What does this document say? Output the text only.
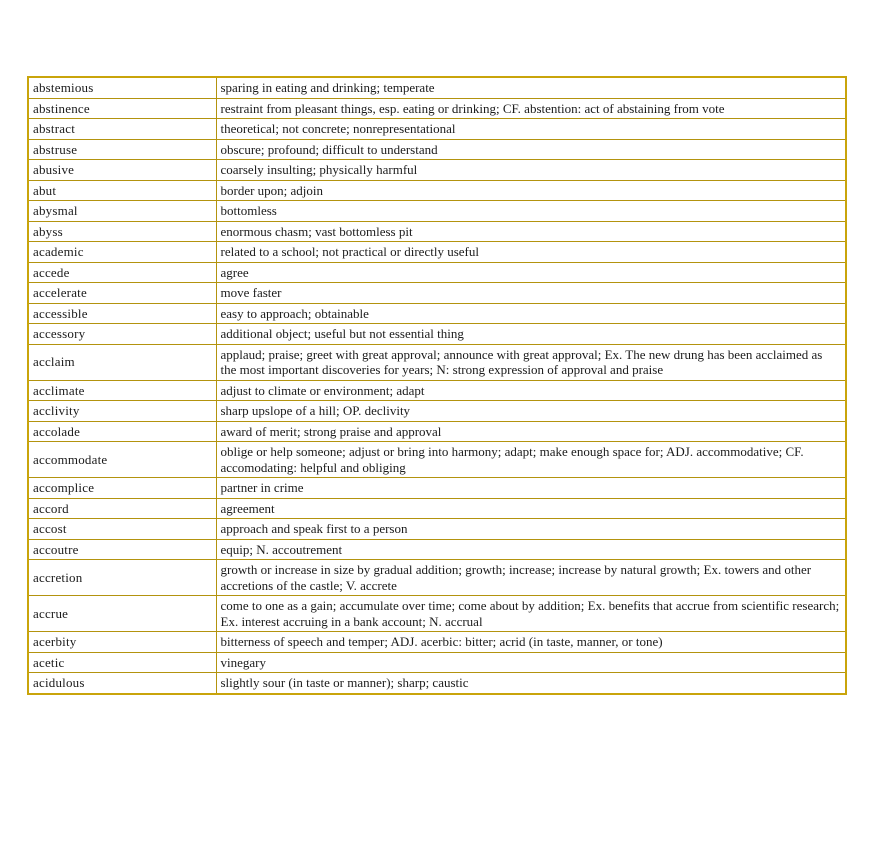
abstemious	sparing in eating and drinking; temperate
abstinence	restraint from pleasant things, esp. eating or drinking; CF. abstention: act of abstaining from vote
abstract	theoretical; not concrete; nonrepresentational
abstruse	obscure; profound; difficult to understand
abusive	coarsely insulting; physically harmful
abut	border upon; adjoin
abysmal	bottomless
abyss	enormous chasm; vast bottomless pit
academic	related to a school; not practical or directly useful
accede	agree
accelerate	move faster
accessible	easy to approach; obtainable
accessory	additional object; useful but not essential thing
acclaim	applaud; praise; greet with great approval; announce with great approval; Ex. The new drung has been acclaimed as the most important discoveries for years; N: strong expression of approval and praise
acclimate	adjust to climate or environment; adapt
acclivity	sharp upslope of a hill; OP. declivity
accolade	award of merit; strong praise and approval
accommodate	oblige or help someone; adjust or bring into harmony; adapt; make enough space for; ADJ. accommodative; CF. accomodating: helpful and obliging
accomplice	partner in crime
accord	agreement
accost	approach and speak first to a person
accoutre	equip; N. accoutrement
accretion	growth or increase in size by gradual addition; growth; increase; increase by natural growth; Ex. towers and other accretions of the castle; V. accrete
accrue	come to one as a gain; accumulate over time; come about by addition; Ex. benefits that accrue from scientific research; Ex. interest accruing in a bank account; N. accrual
acerbity	bitterness of speech and temper; ADJ. acerbic: bitter; acrid (in taste, manner, or tone)
acetic	vinegary
acidulous	slightly sour (in taste or manner); sharp; caustic
